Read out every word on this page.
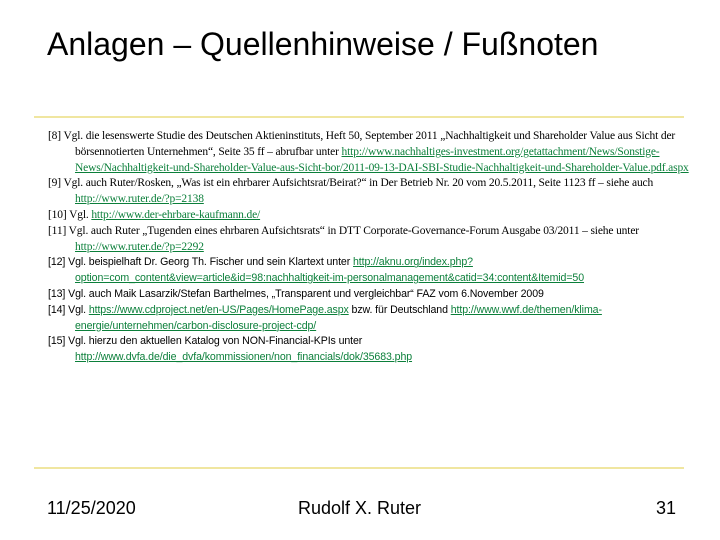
Anlagen – Quellenhinweise / Fußnoten
[8] Vgl. die lesenswerte Studie des Deutschen Aktieninstituts, Heft 50, September 2011 „Nachhaltigkeit und Shareholder Value aus Sicht der börsennotierten Unternehmen“, Seite 35 ff – abrufbar unter http://www.nachhaltiges-investment.org/getattachment/News/Sonstige-News/Nachhaltigkeit-und-Shareholder-Value-aus-Sicht-bor/2011-09-13-DAI-SBI-Studie-Nachhaltigkeit-und-Shareholder-Value.pdf.aspx
[9] Vgl. auch Ruter/Rosken, „Was ist ein ehrbarer Aufsichtsrat/Beirat?“ in Der Betrieb Nr. 20 vom 20.5.2011, Seite 1123 ff – siehe auch http://www.ruter.de/?p=2138
[10] Vgl. http://www.der-ehrbare-kaufmann.de/
[11] Vgl. auch Ruter „Tugenden eines ehrbaren Aufsichtsrats“ in DTT Corporate-Governance-Forum Ausgabe 03/2011 – siehe unter http://www.ruter.de/?p=2292
[12] Vgl. beispielhaft Dr. Georg Th. Fischer und sein Klartext unter http://aknu.org/index.php?option=com_content&view=article&id=98:nachhaltigkeit-im-personalmanagement&catid=34:content&Itemid=50
[13] Vgl. auch Maik Lasarzik/Stefan Barthelmes, „Transparent und vergleichbar“ FAZ vom 6.November 2009
[14] Vgl. https://www.cdproject.net/en-US/Pages/HomePage.aspx bzw. für Deutschland http://www.wwf.de/themen/klima-energie/unternehmen/carbon-disclosure-project-cdp/
[15] Vgl. hierzu den aktuellen Katalog von NON-Financial-KPIs unter http://www.dvfa.de/die_dvfa/kommissionen/non_financials/dok/35683.php
11/25/2020	Rudolf X. Ruter	31
